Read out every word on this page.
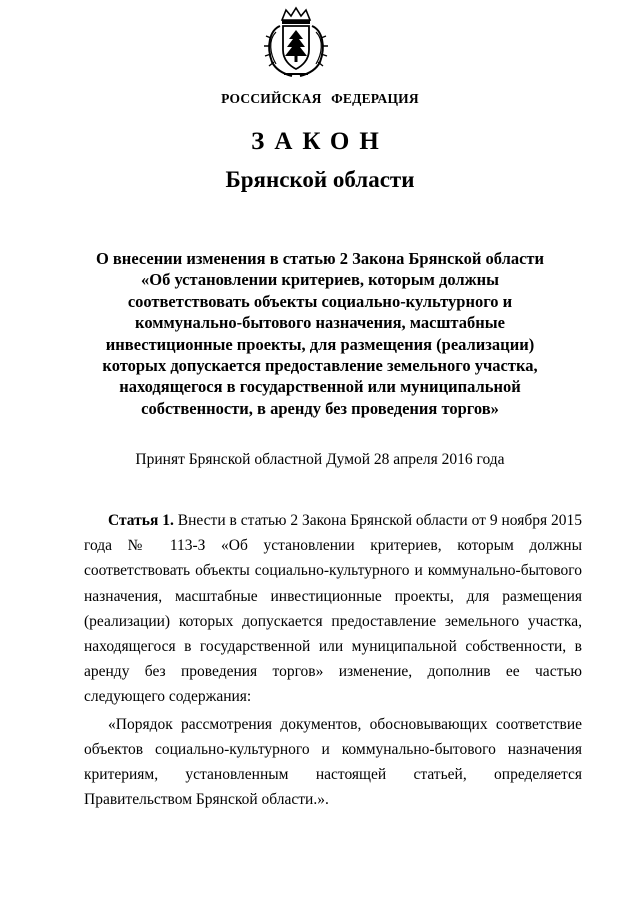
РОССИЙСКАЯ ФЕДЕРАЦИЯ
ЗАКОН
Брянской области
О внесении изменения в статью 2 Закона Брянской области
«Об установлении критериев, которым должны
соответствовать объекты социально-культурного и
коммунально-бытового назначения, масштабные
инвестиционные проекты, для размещения (реализации)
которых допускается предоставление земельного участка,
находящегося в государственной или муниципальной
собственности, в аренду без проведения торгов»
Принят Брянской областной Думой 28 апреля 2016 года

Статья 1. Внести в статью 2 Закона Брянской области от 9 ноября 2015 года № 113-З «Об установлении критериев, которым должны соответствовать объекты социально-культурного и коммунально-бытового назначения, масштабные инвестиционные проекты, для размещения (реализации) которых допускается предоставление земельного участка, находящегося в государственной или муниципальной собственности, в аренду без проведения торгов» изменение, дополнив ее частью следующего содержания:

«Порядок рассмотрения документов, обосновывающих соответствие объектов социально-культурного и коммунально-бытового назначения критериям, установленным настоящей статьей, определяется Правительством Брянской области.».
